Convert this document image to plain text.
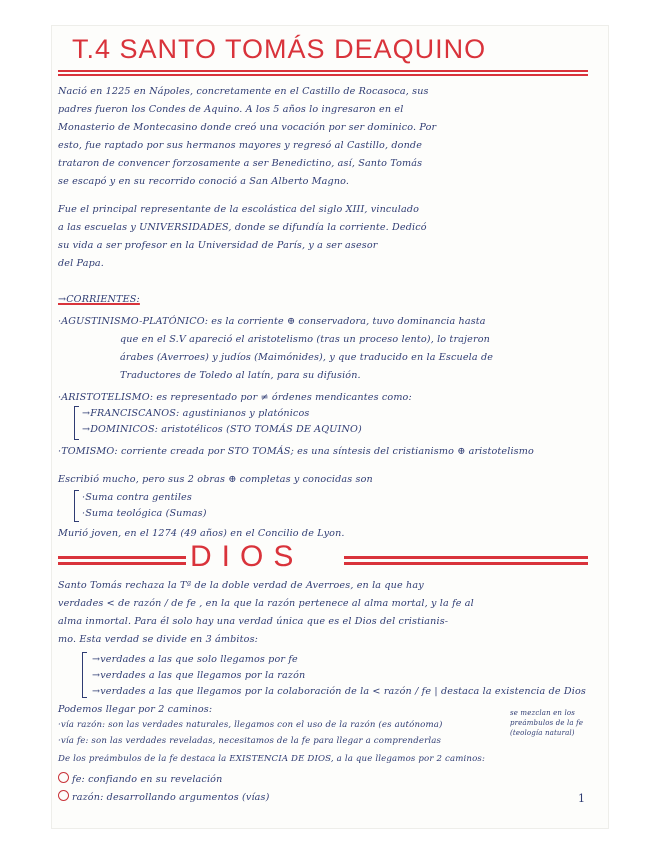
T.4 SANTO TOMÁS DEAQUINO
Nació en 1225 en Nápoles, concretamente en el Castillo de Rocasoca, sus
padres fueron los Condes de Aquino. A los 5 años lo ingresaron en el
Monasterio de Montecasino donde creó una vocación por ser dominico. Por
esto, fue raptado por sus hermanos mayores y regresó al Castillo, donde
trataron de convencer forzosamente a ser Benedictino, así, Santo Tomás
se escapó y en su recorrido conoció a San Alberto Magno.
Fue el principal representante de la escolástica del siglo XIII, vinculado
a las escuelas y UNIVERSIDADES, donde se difundía la corriente. Dedicó
su vida a ser profesor en la Universidad de París, y a ser asesor
del Papa.
→CORRIENTES:
·AGUSTINISMO-PLATÓNICO: es la corriente ⊕ conservadora, tuvo dominancia hasta
que en el S.V apareció el aristotelismo (tras un proceso lento), lo trajeron
árabes (Averroes) y judíos (Maimónides), y que traducido en la Escuela de
Traductores de Toledo al latín, para su difusión.
·ARISTOTELISMO: es representado por ≠ órdenes mendicantes como:
→FRANCISCANOS: agustinianos y platónicos
→DOMINICOS: aristotélicos (STO TOMÁS DE AQUINO)
·TOMISMO: corriente creada por STO TOMÁS; es una síntesis del cristianismo ⊕ aristotelismo
Escribió mucho, pero sus 2 obras ⊕ completas y conocidas son
·Suma contra gentiles
·Suma teológica (Sumas)
Murió joven, en el 1274 (49 años) en el Concilio de Lyon.
DIOS
Santo Tomás rechaza la Tª de la doble verdad de Averroes, en la que hay
verdades < de razón / de fe , en la que la razón pertenece al alma mortal, y la fe al
alma inmortal. Para él solo hay una verdad única que es el Dios del cristianis-
mo. Esta verdad se divide en 3 ámbitos:
→verdades a las que solo llegamos por fe
→verdades a las que llegamos por la razón
→verdades a las que llegamos por la colaboración de la < razón / fe | destaca la existencia de Dios
Podemos llegar por 2 caminos:
·vía razón: son las verdades naturales, llegamos con el uso de la razón (es autónoma)
·vía fe: son las verdades reveladas, necesitamos de la fe para llegar a comprenderlas
se mezclan en los preámbulos de la fe (teología natural)
De los preámbulos de la fe destaca la EXISTENCIA DE DIOS, a la que llegamos por 2 caminos:
fe: confiando en su revelación
razón: desarrollando argumentos (vías)	1
